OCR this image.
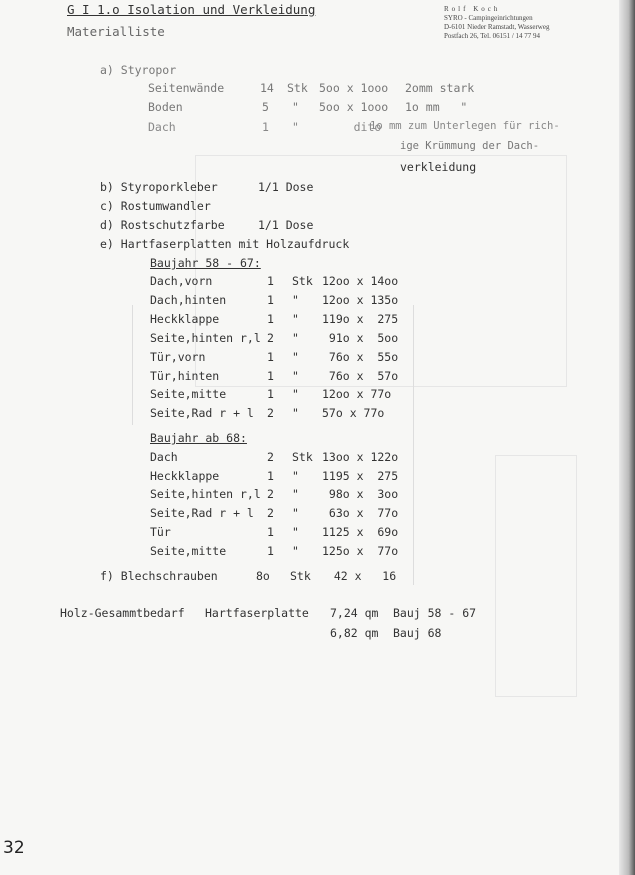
G I 1.o Isolation und Verkleidung
Materialliste
Rolf Koch
SYRO - Campingeinrichtungen
D-6101 Nieder Ramstadt, Wasserweg
Postfach 26, Tel. 06151 / 14 77 94
a) Styropor
Seitenwände	14 Stk 5oo x 1ooo 2omm stark
Boden	5 " 5oo x 1ooo 1o mm   "
Dach	1 " dito
1o mm zum Unterlegen für rich-
ige Krümmung der Dach-
verkleidung
b) Styroporkleber	1/1 Dose
c) Rostumwandler
d) Rostschutzfarbe	1/1 Dose
e) Hartfaserplatten mit Holzaufdruck
Baujahr 58 - 67:
Baujahr ab 68:
Dach,vorn	1 Stk 12oo x 14oo
Dach,hinten	1 " 12oo x 135o
Heckklappe	1 " 119o x  275
Seite,hinten r,l 2 " 91o x  5oo
Tür,vorn	1 " 76o x  55o
Tür,hinten	1 " 76o x  57o
Seite,mitte	1 " 12oo x 77o
Seite,Rad r + l 2 " 57o x 77o
Dach	2 Stk 13oo x 122o
Heckklappe	1 " 1195 x  275
Seite,hinten r,l 2 " 98o x  3oo
Seite,Rad r + l 2 " 63o x  77o
Tür	1 " 1125 x  69o
Seite,mitte	1 " 125o x  77o
f) Blechschrauben	8o Stk 42 x   16
Holz-Gesammtbedarf Hartfaserplatte 7,24 qm Bauj 58 - 67
6,82 qm Bauj 68
32
